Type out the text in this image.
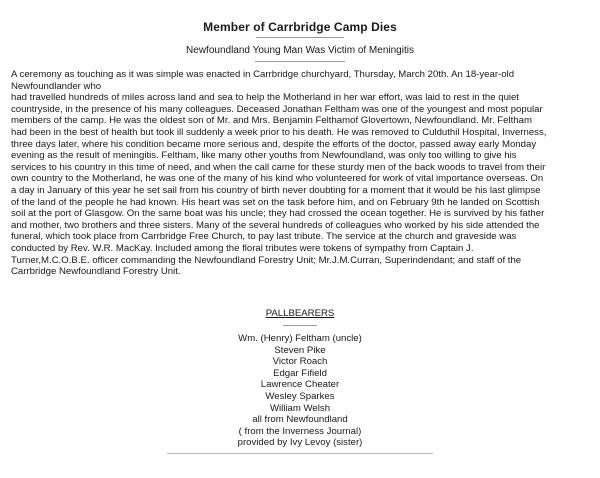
Member of Carrbridge Camp Dies
Newfoundland Young Man Was Victim of Meningitis
A ceremony as touching as it was simple was enacted in Carrbridge churchyard, Thursday, March 20th. An 18-year-old
Newfoundlander who
had travelled hundreds of miles across land and sea to help the Motherland in her war effort, was laid to rest in the quiet
countryside, in the presence of his many colleagues. Deceased Jonathan Feltham was one of the youngest and most popular
members of the camp. He was the oldest son of Mr. and Mrs. Benjamin Felthamof Glovertown, Newfoundland. Mr. Feltham
had been in the best of health but took ill suddenly a week prior to his death. He was removed to Culduthil Hospital, Inverness,
three days later, where his condition became more serious and, despite the efforts of the doctor, passed away early Monday
evening as the result of meningitis. Feltham, like many other youths from Newfoundland, was only too willing to give his
services to his country in this time of need, and when the call came for these sturdy men of the back woods to travel from their
own country to the Motherland, he was one of the many of his kind who volunteered for work of vital importance overseas. On
a day in January of this year he set sail from his country of birth never doubting for a moment that it would be his last glimpse
of the land of the people he had known. His heart was set on the task before him, and on February 9th he landed on Scottish
soil at the port of Glasgow. On the same boat was his uncle; they had crossed the ocean together. He is survived by his father
and mother, two brothers and three sisters. Many of the several hundreds of colleagues who worked by his side attended the
funeral, which took place from Carrbridge Free Church, to pay last tribute. The service at the church and graveside was
conducted by Rev. W.R. MacKay. Included among the floral tributes were tokens of sympathy from Captain J.
Turner,M.C.O.B.E. officer commanding the Newfoundland Forestry Unit; Mr.J.M.Curran, Superindendant; and staff of the
Carrbridge Newfoundland Forestry Unit.
PALLBEARERS
Wm. (Henry) Feltham (uncle)
Steven Pike
Victor Roach
Edgar Fifield
Lawrence Cheater
Wesley Sparkes
William Welsh
all from Newfoundland
( from the Inverness Journal)
provided by Ivy Levoy (sister)
